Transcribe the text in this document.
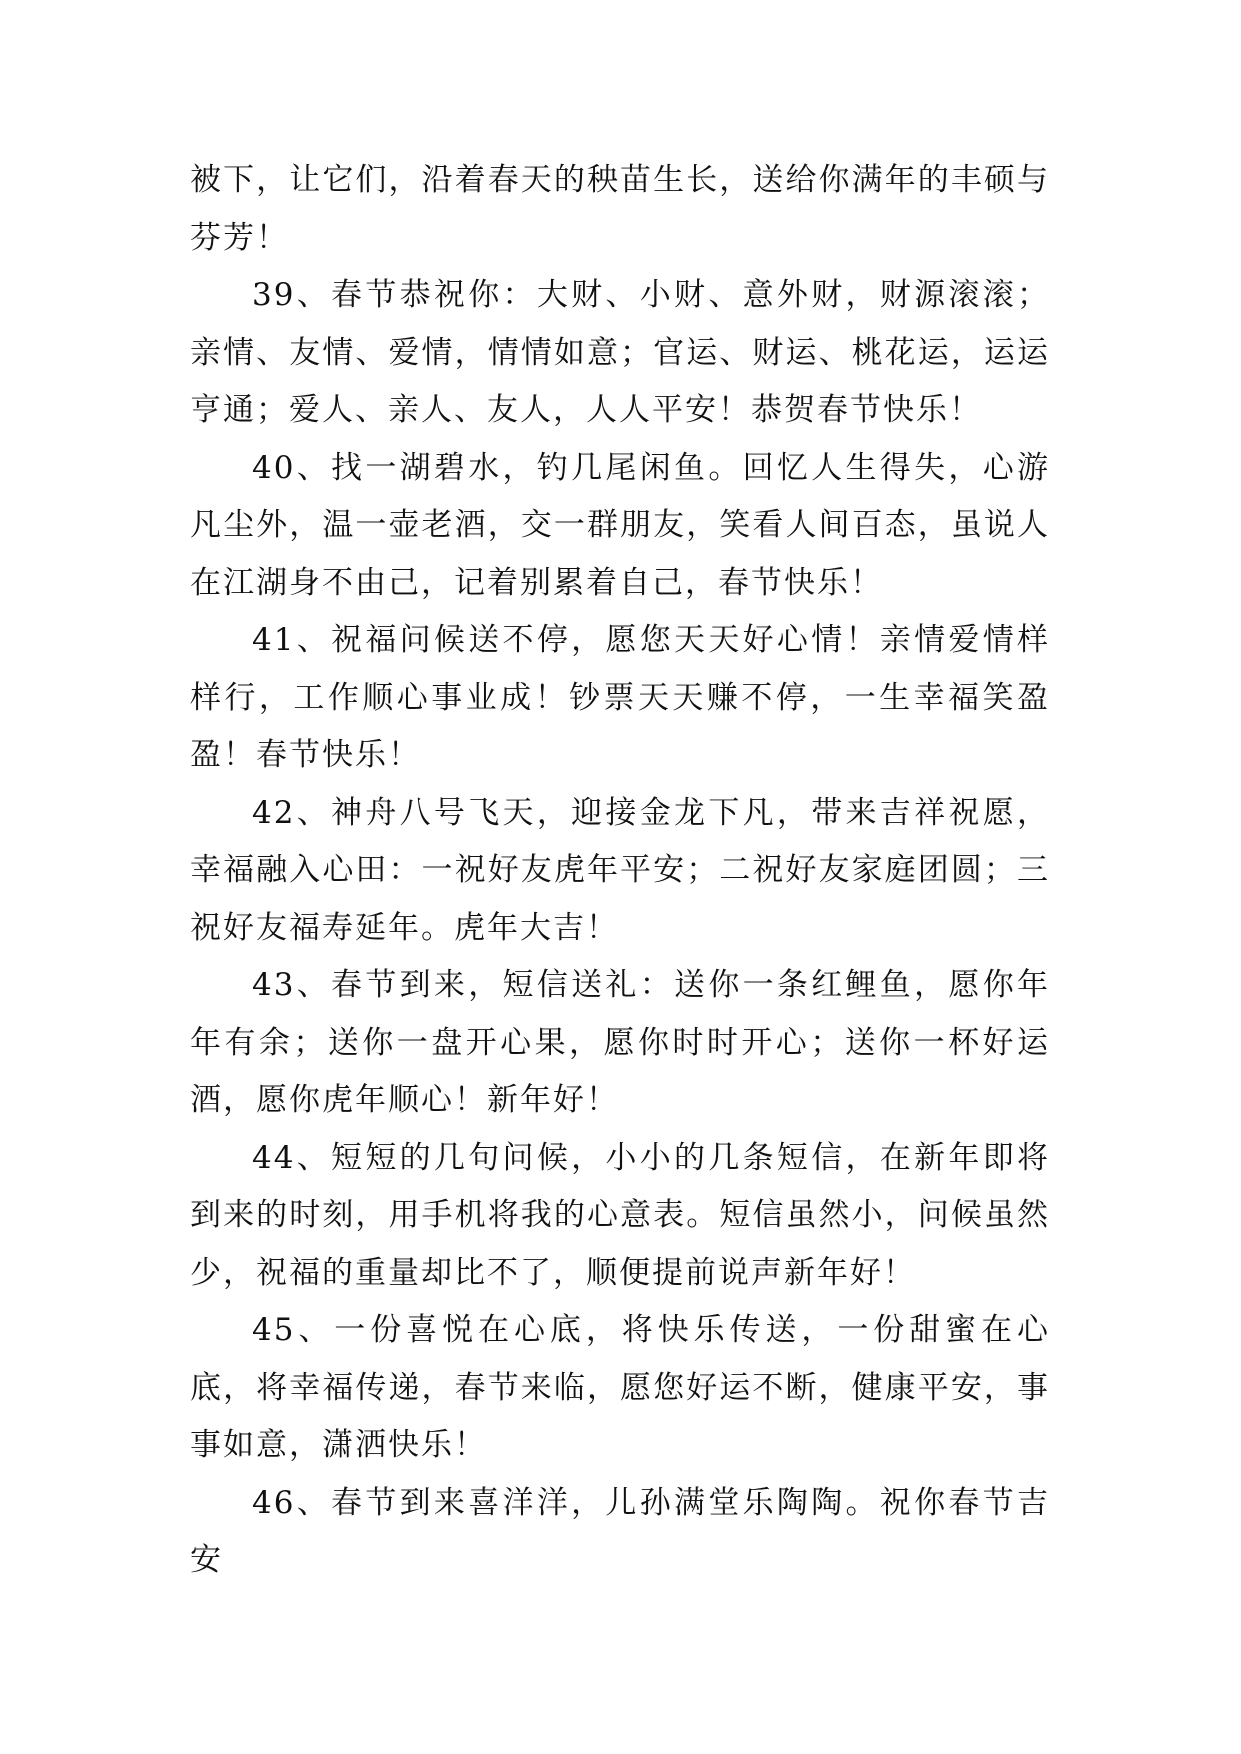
被下，让它们，沿着春天的秧苗生长，送给你满年的丰硕与芬芳！

39、春节恭祝你：大财、小财、意外财，财源滚滚；亲情、友情、爱情，情情如意；官运、财运、桃花运，运运亨通；爱人、亲人、友人，人人平安！恭贺春节快乐！

40、找一湖碧水，钓几尾闲鱼。回忆人生得失，心游凡尘外，温一壶老酒，交一群朋友，笑看人间百态，虽说人在江湖身不由己，记着别累着自己，春节快乐！

41、祝福问候送不停，愿您天天好心情！亲情爱情样样行，工作顺心事业成！钞票天天赚不停，一生幸福笑盈盈！春节快乐！

42、神舟八号飞天，迎接金龙下凡，带来吉祥祝愿，幸福融入心田：一祝好友虎年平安；二祝好友家庭团圆；三祝好友福寿延年。虎年大吉！

43、春节到来，短信送礼：送你一条红鲤鱼，愿你年年有余；送你一盘开心果，愿你时时开心；送你一杯好运酒，愿你虎年顺心！新年好！

44、短短的几句问候，小小的几条短信，在新年即将到来的时刻，用手机将我的心意表。短信虽然小，问候虽然少，祝福的重量却比不了，顺便提前说声新年好！

45、一份喜悦在心底，将快乐传送，一份甜蜜在心底，将幸福传递，春节来临，愿您好运不断，健康平安，事事如意，潇洒快乐！

46、春节到来喜洋洋，儿孙满堂乐陶陶。祝你春节吉安
